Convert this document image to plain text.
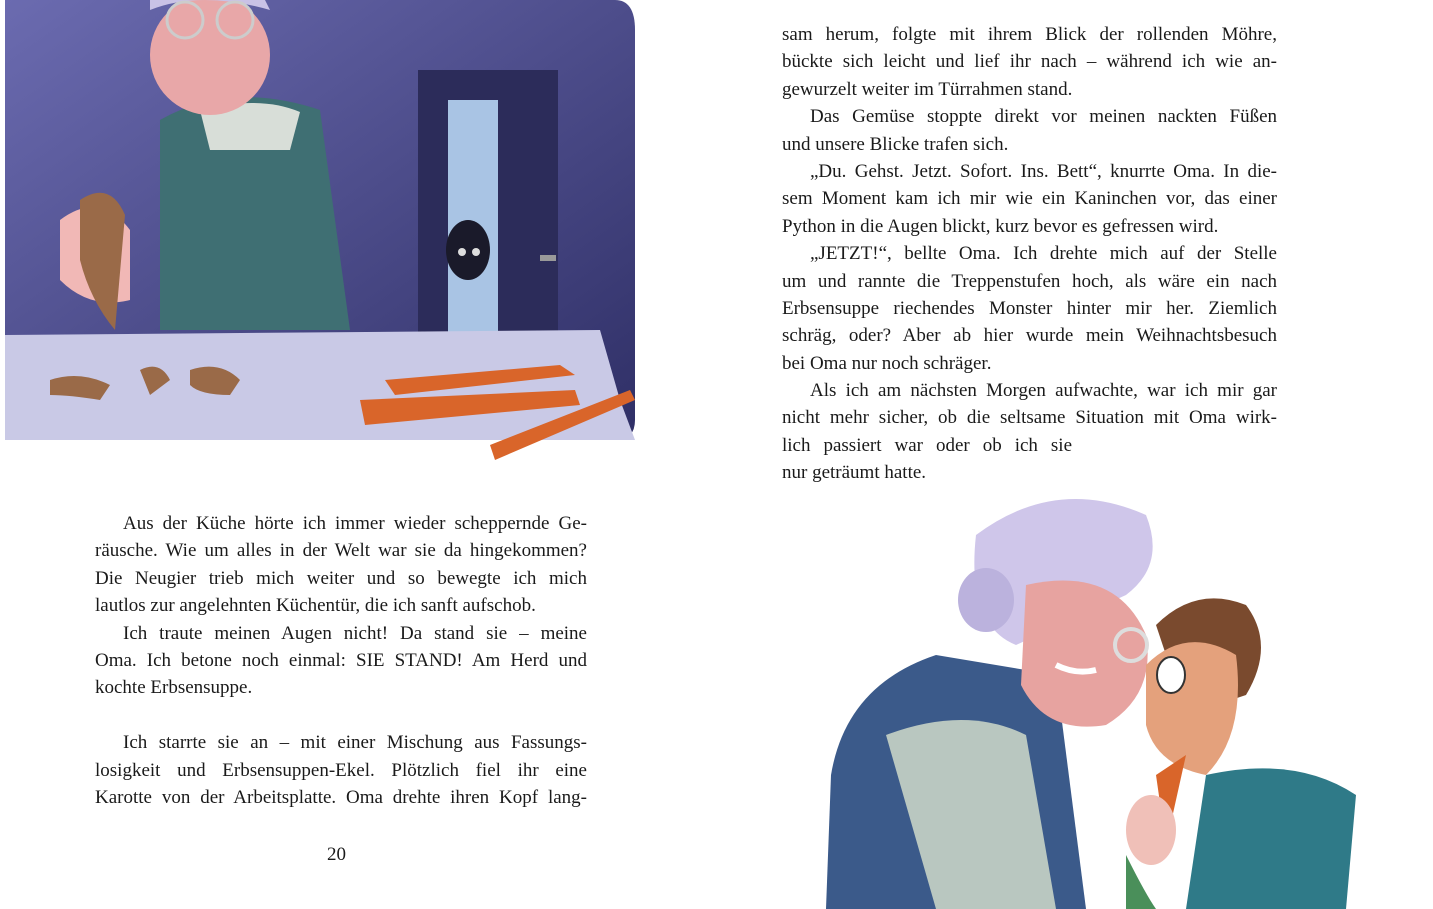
Aus der Küche hörte ich immer wieder scheppernde Ge-
räusche. Wie um alles in der Welt war sie da hingekommen?
Die Neugier trieb mich weiter und so bewegte ich mich
lautlos zur angelehnten Küchentür, die ich sanft aufschob.
Ich traute meinen Augen nicht! Da stand sie – meine
Oma. Ich betone noch einmal: SIE STAND! Am Herd und
kochte Erbsensuppe.
Ich starrte sie an – mit einer Mischung aus Fassungs-
losigkeit und Erbsensuppen-Ekel. Plötzlich fiel ihr eine
Karotte von der Arbeitsplatte. Oma drehte ihren Kopf lang-
20
sam herum, folgte mit ihrem Blick der rollenden Möhre,
bückte sich leicht und lief ihr nach – während ich wie an-
gewurzelt weiter im Türrahmen stand.
Das Gemüse stoppte direkt vor meinen nackten Füßen
und unsere Blicke trafen sich.
„Du. Gehst. Jetzt. Sofort. Ins. Bett“, knurrte Oma. In die-
sem Moment kam ich mir wie ein Kaninchen vor, das einer
Python in die Augen blickt, kurz bevor es gefressen wird.
„JETZT!“, bellte Oma. Ich drehte mich auf der Stelle
um und rannte die Treppenstufen hoch, als wäre ein nach
Erbsensuppe riechendes Monster hinter mir her. Ziemlich
schräg, oder? Aber ab hier wurde mein Weihnachtsbesuch
bei Oma nur noch schräger.
Als ich am nächsten Morgen aufwachte, war ich mir gar
nicht mehr sicher, ob die seltsame Situation mit Oma wirk-
lich passiert war oder ob ich sie
nur geträumt hatte.
